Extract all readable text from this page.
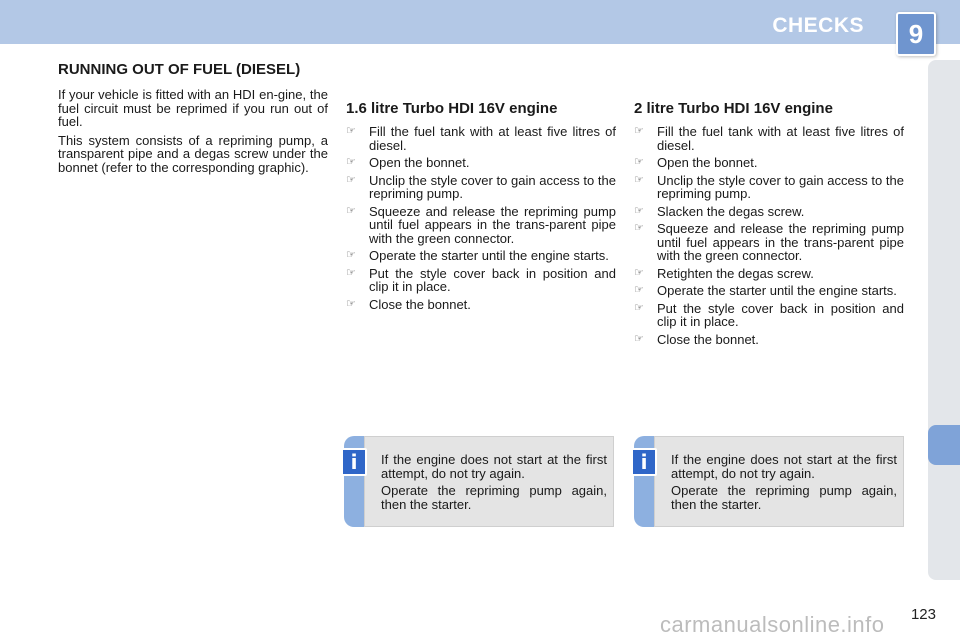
CHECKS	9
RUNNING OUT OF FUEL (DIESEL)

If your vehicle is fitted with an HDI en-gine, the fuel circuit must be reprimed if you run out of fuel.

This system consists of a repriming pump, a transparent pipe and a degas screw under the bonnet (refer to the corresponding graphic).

1.6 litre Turbo HDI 16V engine
☞ Fill the fuel tank with at least five litres of diesel.
☞ Open the bonnet.
☞ Unclip the style cover to gain access to the repriming pump.
☞ Squeeze and release the repriming pump until fuel appears in the trans-parent pipe with the green connector.
☞ Operate the starter until the engine starts.
☞ Put the style cover back in position and clip it in place.
☞ Close the bonnet.
2 litre Turbo HDI 16V engine
☞ Fill the fuel tank with at least five litres of diesel.
☞ Open the bonnet.
☞ Unclip the style cover to gain access to the repriming pump.
☞ Slacken the degas screw.
☞ Squeeze and release the repriming pump until fuel appears in the trans-parent pipe with the green connector.
☞ Retighten the degas screw.
☞ Operate the starter until the engine starts.
☞ Put the style cover back in position and clip it in place.
☞ Close the bonnet.

If the engine does not start at the first attempt, do not try again.

Operate the repriming pump again, then the starter.

i	If the engine does not start at the first attempt, do not try again.

Operate the repriming pump again, then the starter.

i
carmanualsonline.info 123
